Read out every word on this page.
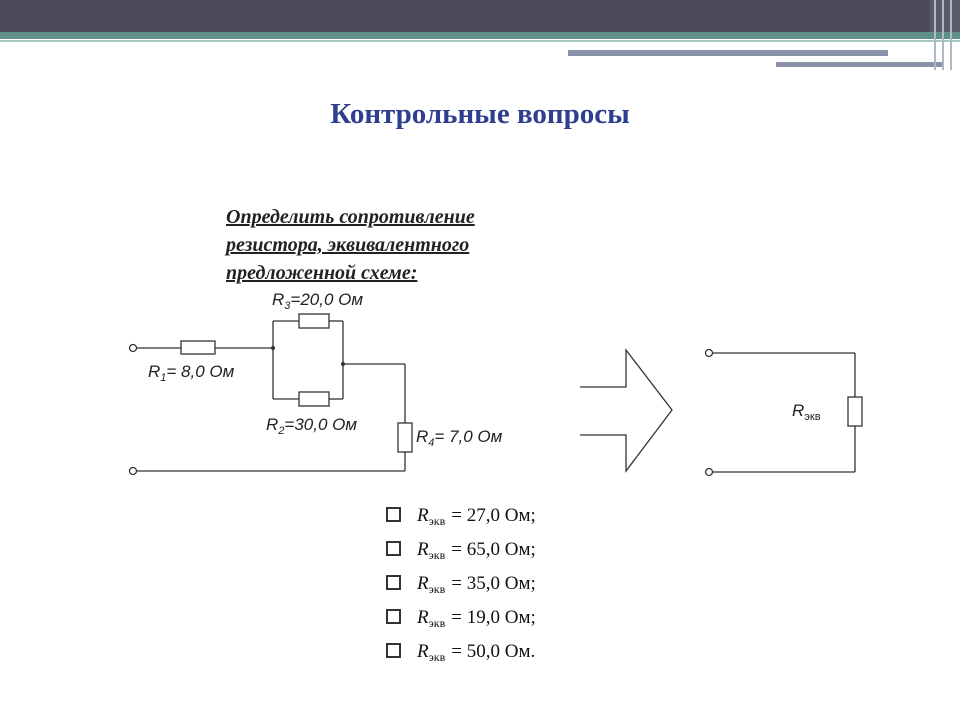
Контрольные вопросы
Определить сопротивление
резистора, эквивалентного
предложенной схеме:
$R_3=20,0$ Ом
$R_1= 8,0$ Ом
$R_2=30,0$ Ом
$R_4= 7,0$ Ом
$R_{экв}$
R экв = 27,0 Ом;
R экв = 65,0 Ом;
R экв = 35,0 Ом;
R экв = 19,0 Ом;
R экв = 50,0 Ом.
